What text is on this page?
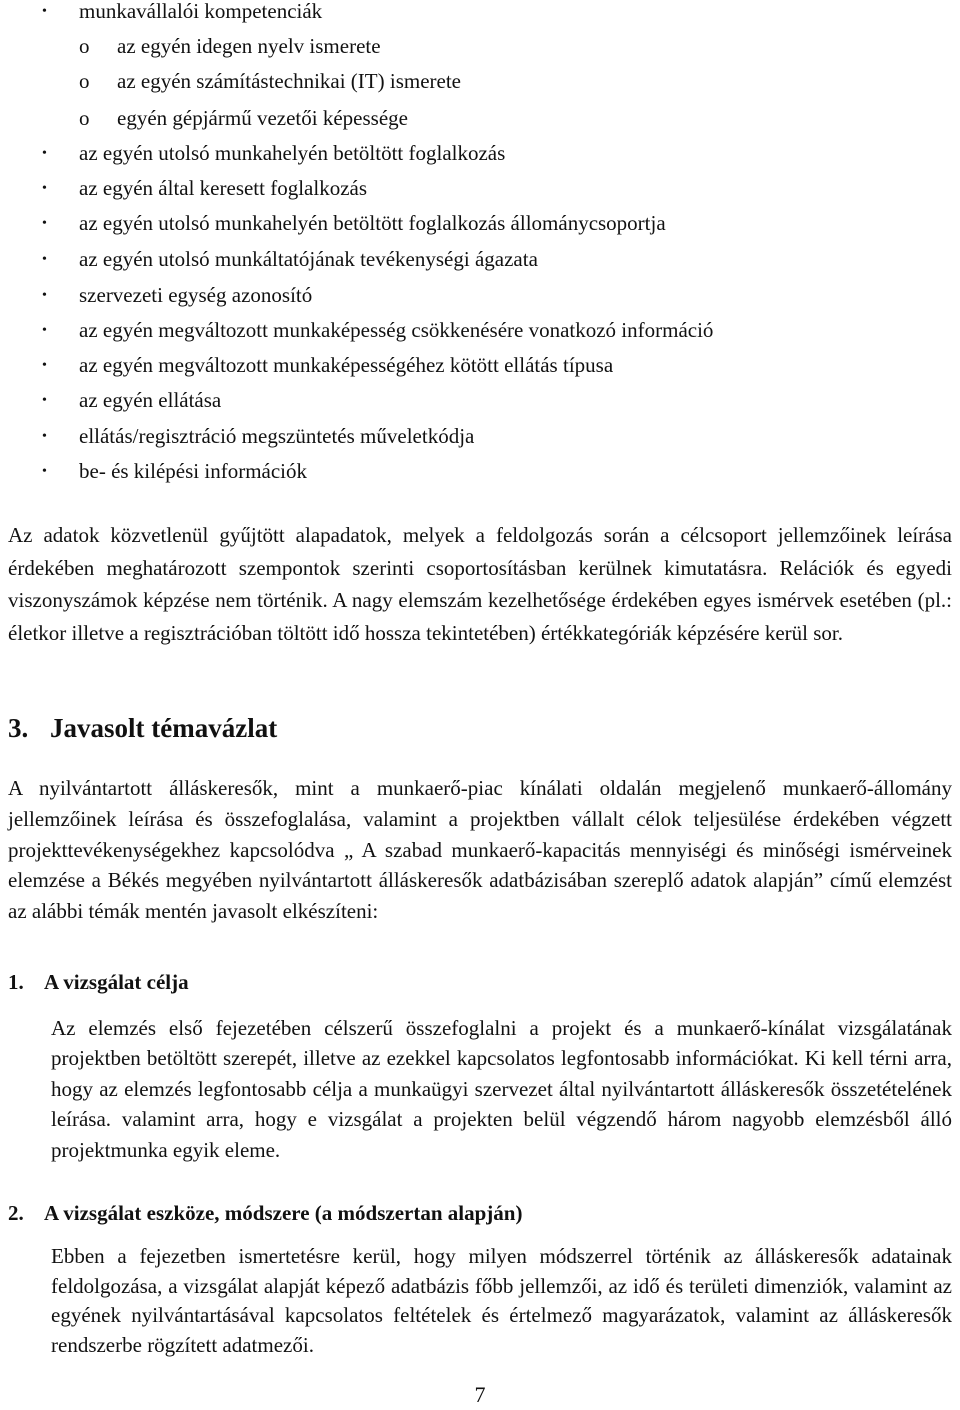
• munkavállalói kompetenciák
o az egyén idegen nyelv ismerete
o az egyén számítástechnikai (IT) ismerete
o egyén gépjármű vezetői képessége
• az egyén utolsó munkahelyén betöltött foglalkozás
• az egyén által keresett foglalkozás
• az egyén utolsó munkahelyén betöltött foglalkozás állománycsoportja
• az egyén utolsó munkáltatójának tevékenységi ágazata
• szervezeti egység azonosító
• az egyén megváltozott munkaképesség csökkenésére vonatkozó információ
• az egyén megváltozott munkaképességéhez kötött ellátás típusa
• az egyén ellátása
• ellátás/regisztráció megszüntetés műveletkódja
• be- és kilépési információk

Az adatok közvetlenül gyűjtött alapadatok, melyek a feldolgozás során a célcsoport jellemzőinek leírása érdekében meghatározott szempontok szerinti csoportosításban kerülnek kimutatásra. Relációk és egyedi viszonyszámok képzése nem történik. A nagy elemszám kezelhetősége érdekében egyes ismérvek esetében (pl.: életkor illetve a regisztrációban töltött idő hossza tekintetében) értékkategóriák képzésére kerül sor.

3. Javasolt témavázlat

A nyilvántartott álláskeresők, mint a munkaerő-piac kínálati oldalán megjelenő munkaerő-állomány jellemzőinek leírása és összefoglalása, valamint a projektben vállalt célok teljesülése érdekében végzett projekttevékenységekhez kapcsolódva „ A szabad munkaerő-kapacitás mennyiségi és minőségi ismérveinek elemzése a Békés megyében nyilvántartott álláskeresők adatbázisában szereplő adatok alapján” című elemzést az alábbi témák mentén javasolt elkészíteni:

1. A vizsgálat célja

Az elemzés első fejezetében célszerű összefoglalni a projekt és a munkaerő-kínálat vizsgálatának projektben betöltött szerepét, illetve az ezekkel kapcsolatos legfontosabb információkat. Ki kell térni arra, hogy az elemzés legfontosabb célja a munkaügyi szervezet által nyilvántartott álláskeresők összetételének leírása. valamint arra, hogy e vizsgálat a projekten belül végzendő három nagyobb elemzésből álló projektmunka egyik eleme.

2. A vizsgálat eszköze, módszere (a módszertan alapján)

Ebben a fejezetben ismertetésre kerül, hogy milyen módszerrel történik az álláskeresők adatainak feldolgozása, a vizsgálat alapját képező adatbázis főbb jellemzői, az idő és területi dimenziók, valamint az egyének nyilvántartásával kapcsolatos feltételek és értelmező magyarázatok, valamint az álláskeresők rendszerbe rögzített adatmezői.

7
